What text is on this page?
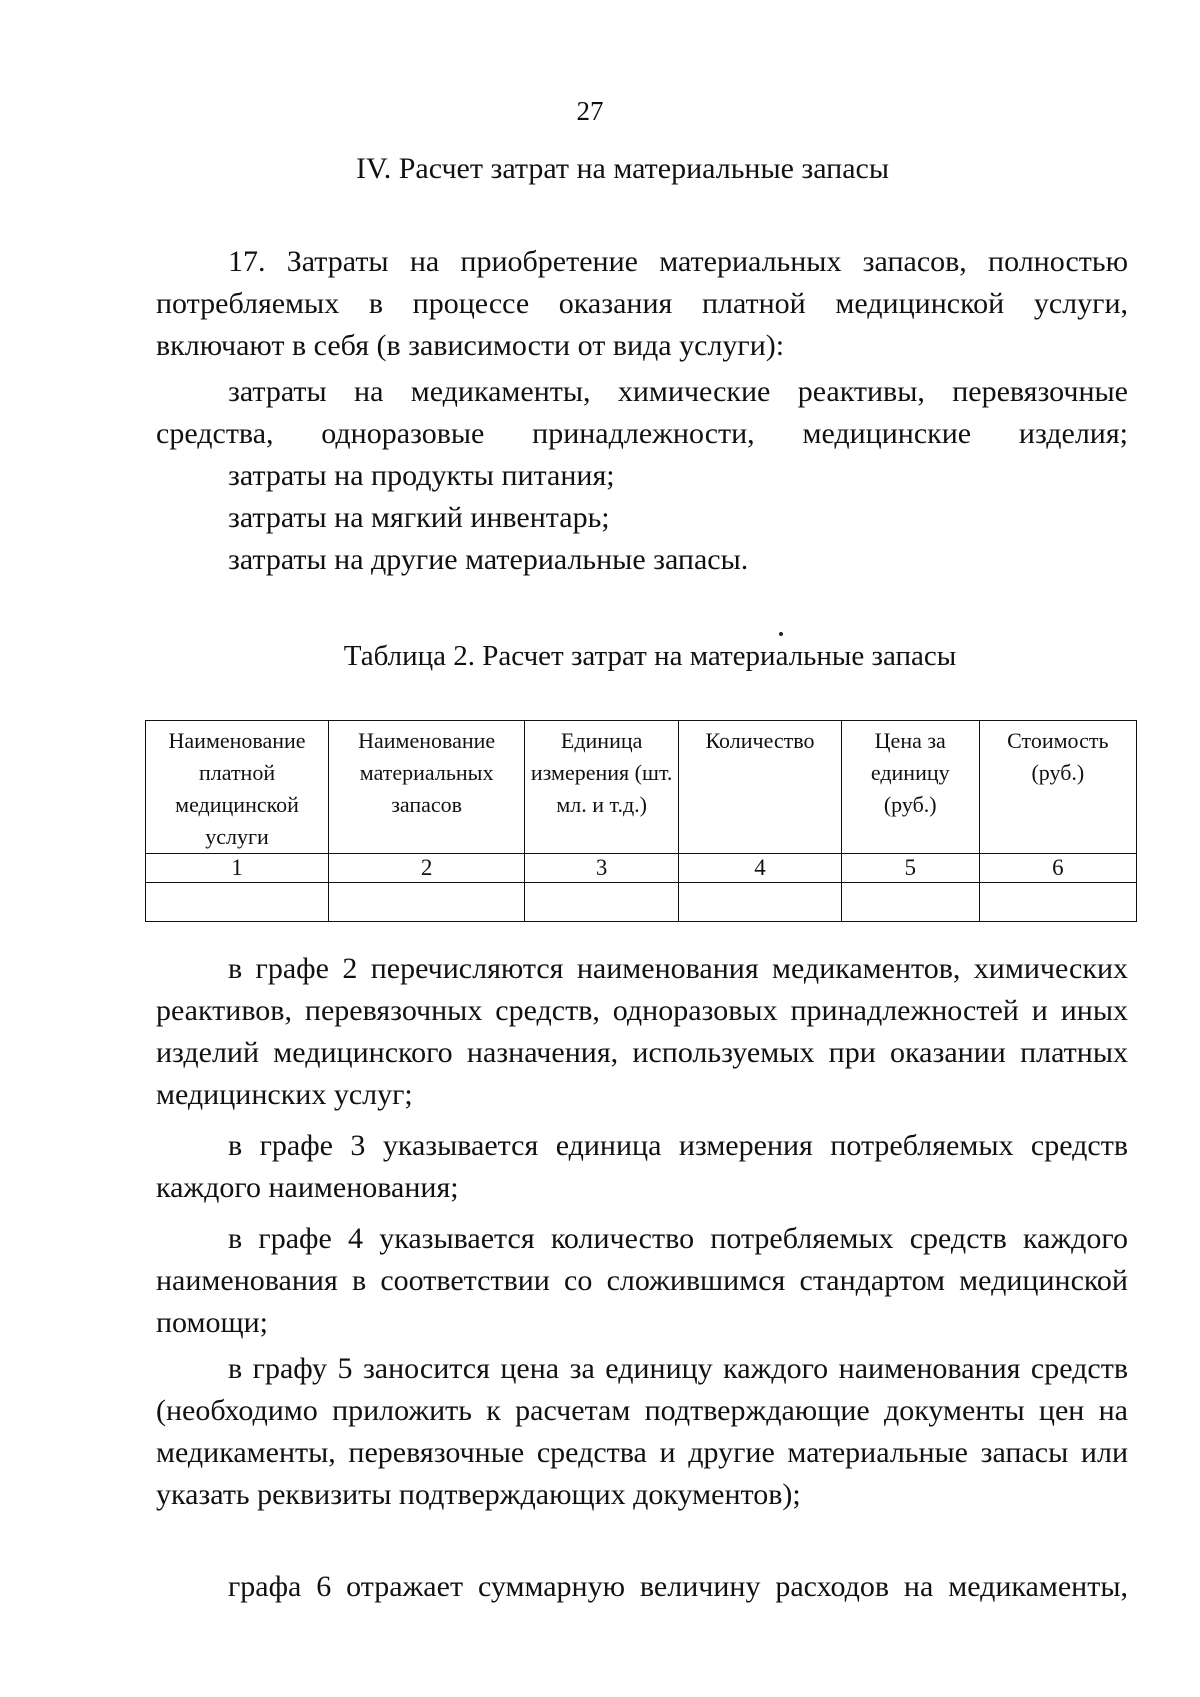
27
IV. Расчет затрат на материальные запасы
17. Затраты на приобретение материальных запасов, полностью потребляемых в процессе оказания платной медицинской услуги, включают в себя (в зависимости от вида услуги):
затраты на медикаменты, химические реактивы, перевязочные средства, одноразовые принадлежности, медицинские изделия;
затраты на продукты питания;
затраты на мягкий инвентарь;
затраты на другие материальные запасы.
Таблица 2. Расчет затрат на материальные запасы
Наименование платной медицинской услуги	Наименование материальных запасов	Единица измерения (шт. мл. и т.д.)	Количество	Цена за единицу (руб.)	Стоимость (руб.)
1	2	3	4	5	6

в графе 2 перечисляются наименования медикаментов, химических реактивов, перевязочных средств, одноразовых принадлежностей и иных изделий медицинского назначения, используемых при оказании платных медицинских услуг;
в графе 3 указывается единица измерения потребляемых средств каждого наименования;
в графе 4 указывается количество потребляемых средств каждого наименования в соответствии со сложившимся стандартом медицинской помощи;
в графу 5 заносится цена за единицу каждого наименования средств (необходимо приложить к расчетам подтверждающие документы цен на медикаменты, перевязочные средства и другие материальные запасы или указать реквизиты подтверждающих документов);
графа 6 отражает суммарную величину расходов на медикаменты,
